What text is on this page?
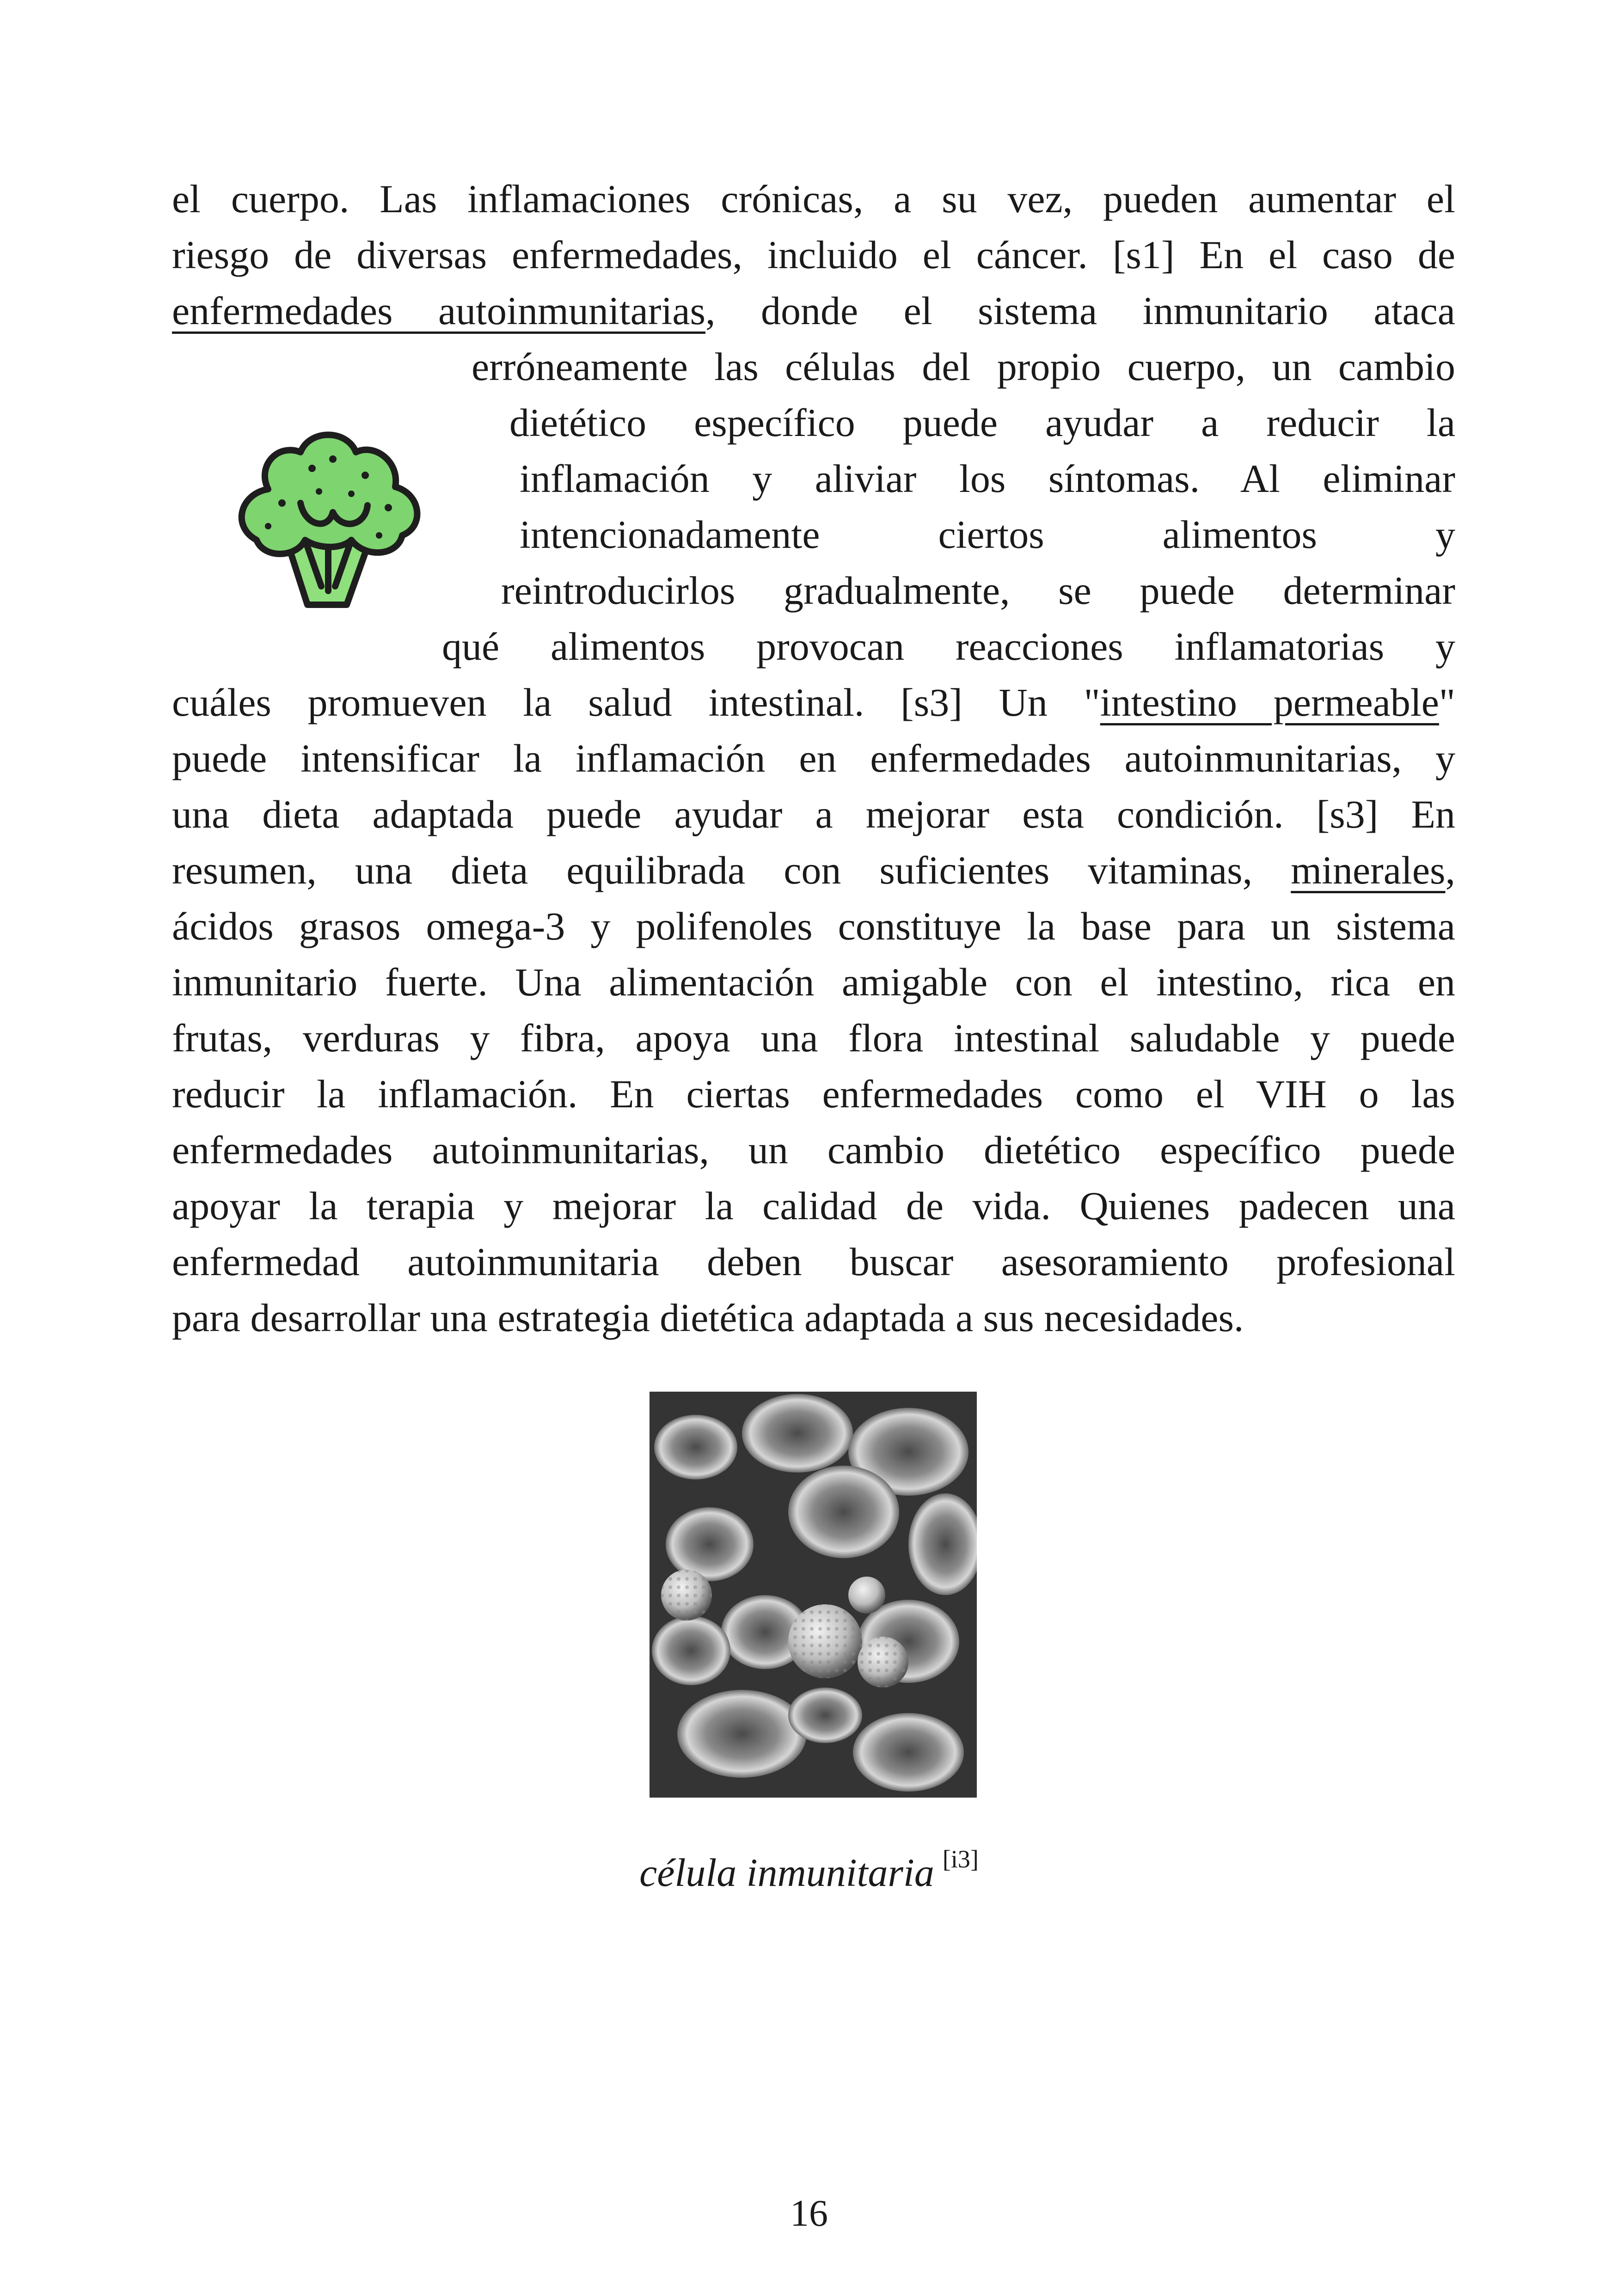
el cuerpo. Las inflamaciones crónicas, a su vez, pueden aumentar el
riesgo de diversas enfermedades, incluido el cáncer. [s1] En el caso de
enfermedades autoinmunitarias, donde el sistema inmunitario ataca
erróneamente las células del propio cuerpo, un cambio
dietético específico puede ayudar a reducir la
inflamación y aliviar los síntomas. Al eliminar
intencionadamente ciertos alimentos y
reintroducirlos gradualmente, se puede determinar
qué alimentos provocan reacciones inflamatorias y
cuáles promueven la salud intestinal. [s3] Un "intestino permeable"
puede intensificar la inflamación en enfermedades autoinmunitarias, y
una dieta adaptada puede ayudar a mejorar esta condición. [s3] En
resumen, una dieta equilibrada con suficientes vitaminas, minerales,
ácidos grasos omega-3 y polifenoles constituye la base para un sistema
inmunitario fuerte. Una alimentación amigable con el intestino, rica en
frutas, verduras y fibra, apoya una flora intestinal saludable y puede
reducir la inflamación. En ciertas enfermedades como el VIH o las
enfermedades autoinmunitarias, un cambio dietético específico puede
apoyar la terapia y mejorar la calidad de vida. Quienes padecen una
enfermedad autoinmunitaria deben buscar asesoramiento profesional
para desarrollar una estrategia dietética adaptada a sus necesidades.
célula inmunitaria [i3]
16
